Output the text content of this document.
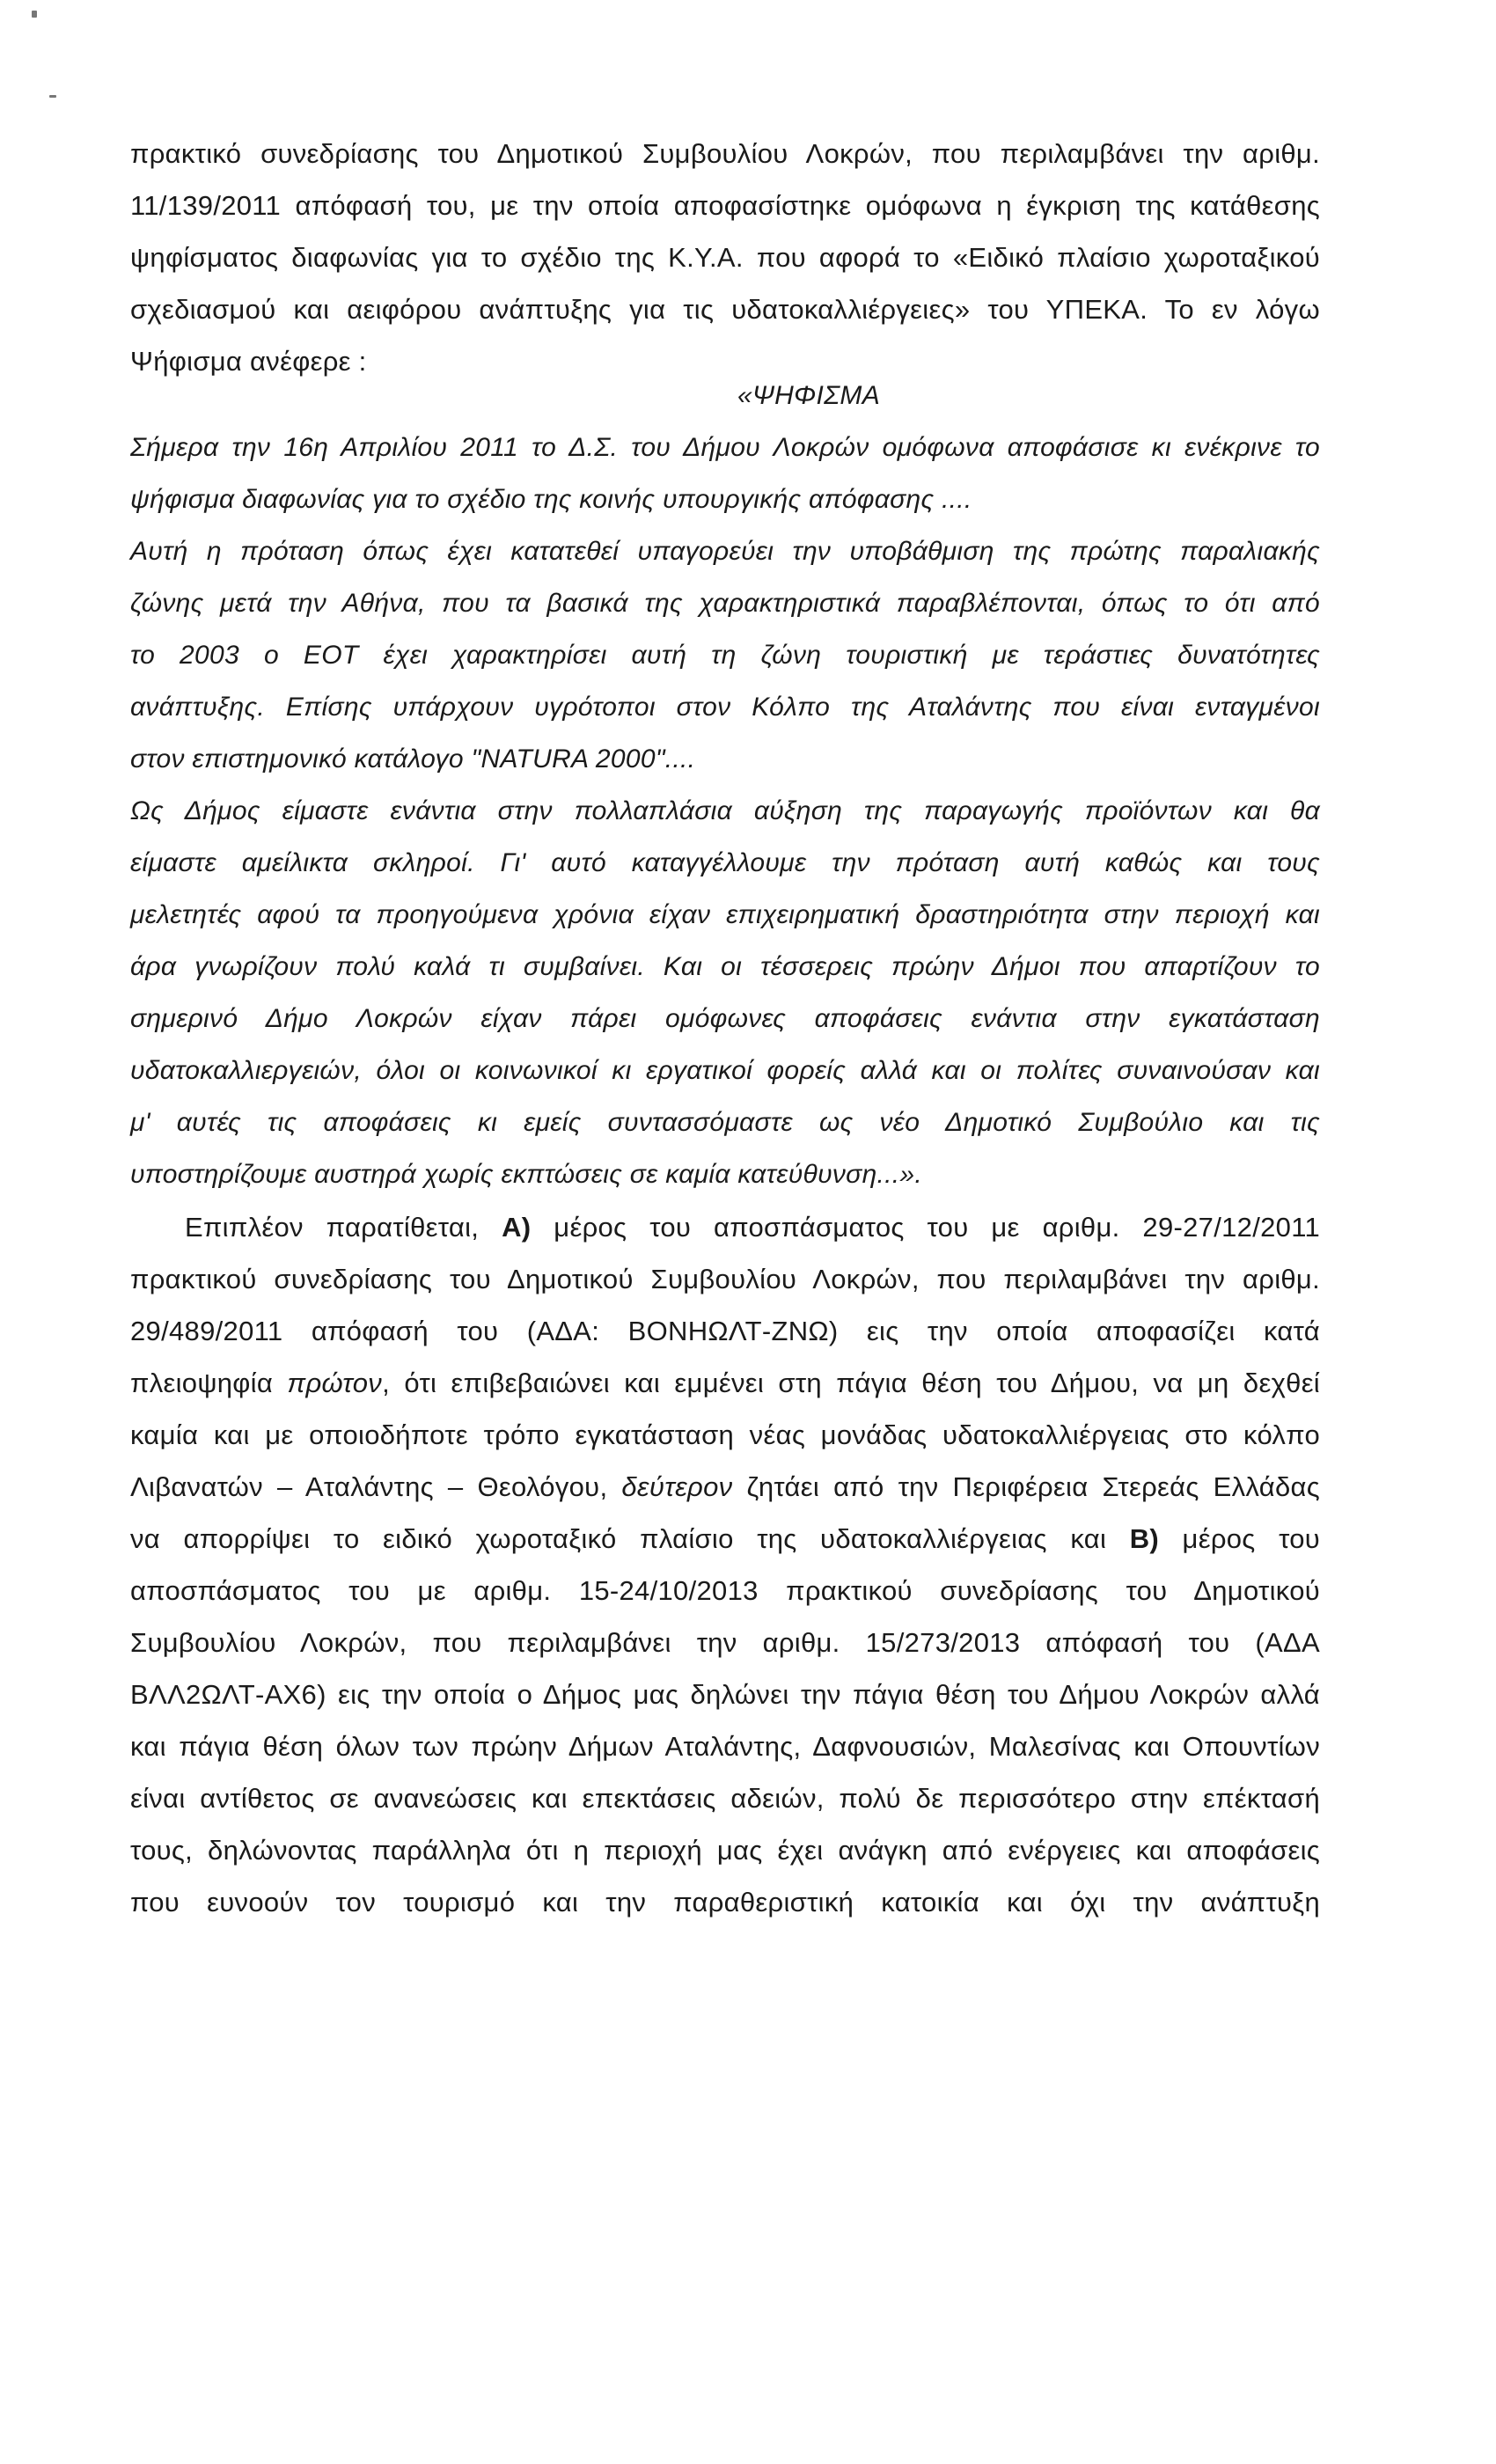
πρακτικό συνεδρίασης του Δημοτικού Συμβουλίου Λοκρών, που περιλαμβάνει την αριθμ.
11/139/2011 απόφασή του, με την οποία αποφασίστηκε ομόφωνα η έγκριση της κατάθεσης
ψηφίσματος διαφωνίας για το σχέδιο της Κ.Υ.Α. που αφορά το «Ειδικό πλαίσιο χωροταξικού
σχεδιασμού και αειφόρου ανάπτυξης για τις υδατοκαλλιέργειες» του ΥΠΕΚΑ. Το εν λόγω
Ψήφισμα ανέφερε :
«ΨΗΦΙΣΜΑ
Σήμερα την 16η Απριλίου 2011 το Δ.Σ. του Δήμου Λοκρών ομόφωνα αποφάσισε κι ενέκρινε το
ψήφισμα διαφωνίας για το σχέδιο της κοινής υπουργικής απόφασης ....
Αυτή η πρόταση όπως έχει κατατεθεί υπαγορεύει την υποβάθμιση της πρώτης παραλιακής
ζώνης μετά την Αθήνα, που τα βασικά της χαρακτηριστικά παραβλέπονται, όπως το ότι από
το 2003 ο ΕΟΤ έχει χαρακτηρίσει αυτή τη ζώνη τουριστική με τεράστιες δυνατότητες
ανάπτυξης. Επίσης υπάρχουν υγρότοποι στον Κόλπο της Αταλάντης που είναι ενταγμένοι
στον επιστημονικό κατάλογο "NATURA 2000"....
Ως Δήμος είμαστε ενάντια στην πολλαπλάσια αύξηση της παραγωγής προϊόντων και θα
είμαστε αμείλικτα σκληροί. Γι' αυτό καταγγέλλουμε την πρόταση αυτή καθώς και τους
μελετητές αφού τα προηγούμενα χρόνια είχαν επιχειρηματική δραστηριότητα στην περιοχή και
άρα γνωρίζουν πολύ καλά τι συμβαίνει. Και οι τέσσερεις πρώην Δήμοι που απαρτίζουν το
σημερινό Δήμο Λοκρών είχαν πάρει ομόφωνες αποφάσεις ενάντια στην εγκατάσταση
υδατοκαλλιεργειών, όλοι οι κοινωνικοί κι εργατικοί φορείς αλλά και οι πολίτες συναινούσαν και
μ' αυτές τις αποφάσεις κι εμείς συντασσόμαστε ως νέο Δημοτικό Συμβούλιο και τις
υποστηρίζουμε αυστηρά χωρίς εκπτώσεις σε καμία κατεύθυνση...».
Επιπλέον παρατίθεται, Α) μέρος του αποσπάσματος του με αριθμ. 29-27/12/2011
πρακτικού συνεδρίασης του Δημοτικού Συμβουλίου Λοκρών, που περιλαμβάνει την αριθμ.
29/489/2011 απόφασή του (ΑΔΑ: ΒΟΝΗΩΛΤ-ΖΝΩ) εις την οποία αποφασίζει κατά
πλειοψηφία πρώτον, ότι επιβεβαιώνει και εμμένει στη πάγια θέση του Δήμου, να μη δεχθεί
καμία και με οποιοδήποτε τρόπο εγκατάσταση νέας μονάδας υδατοκαλλιέργειας στο κόλπο
Λιβανατών – Αταλάντης – Θεολόγου, δεύτερον ζητάει από την Περιφέρεια Στερεάς Ελλάδας
να απορρίψει το ειδικό χωροταξικό πλαίσιο της υδατοκαλλιέργειας και Β) μέρος του
αποσπάσματος του με αριθμ. 15-24/10/2013 πρακτικού συνεδρίασης του Δημοτικού
Συμβουλίου Λοκρών, που περιλαμβάνει την αριθμ. 15/273/2013 απόφασή του (ΑΔΑ
ΒΛΛ2ΩΛΤ-ΑΧ6) εις την οποία ο Δήμος μας δηλώνει την πάγια θέση του Δήμου Λοκρών αλλά
και πάγια θέση όλων των πρώην Δήμων Αταλάντης, Δαφνουσιών, Μαλεσίνας και Οπουντίων
είναι αντίθετος σε ανανεώσεις και επεκτάσεις αδειών, πολύ δε περισσότερο στην επέκτασή
τους, δηλώνοντας παράλληλα ότι η περιοχή μας έχει ανάγκη από ενέργειες και αποφάσεις
που ευνοούν τον τουρισμό και την παραθεριστική κατοικία και όχι την ανάπτυξη
